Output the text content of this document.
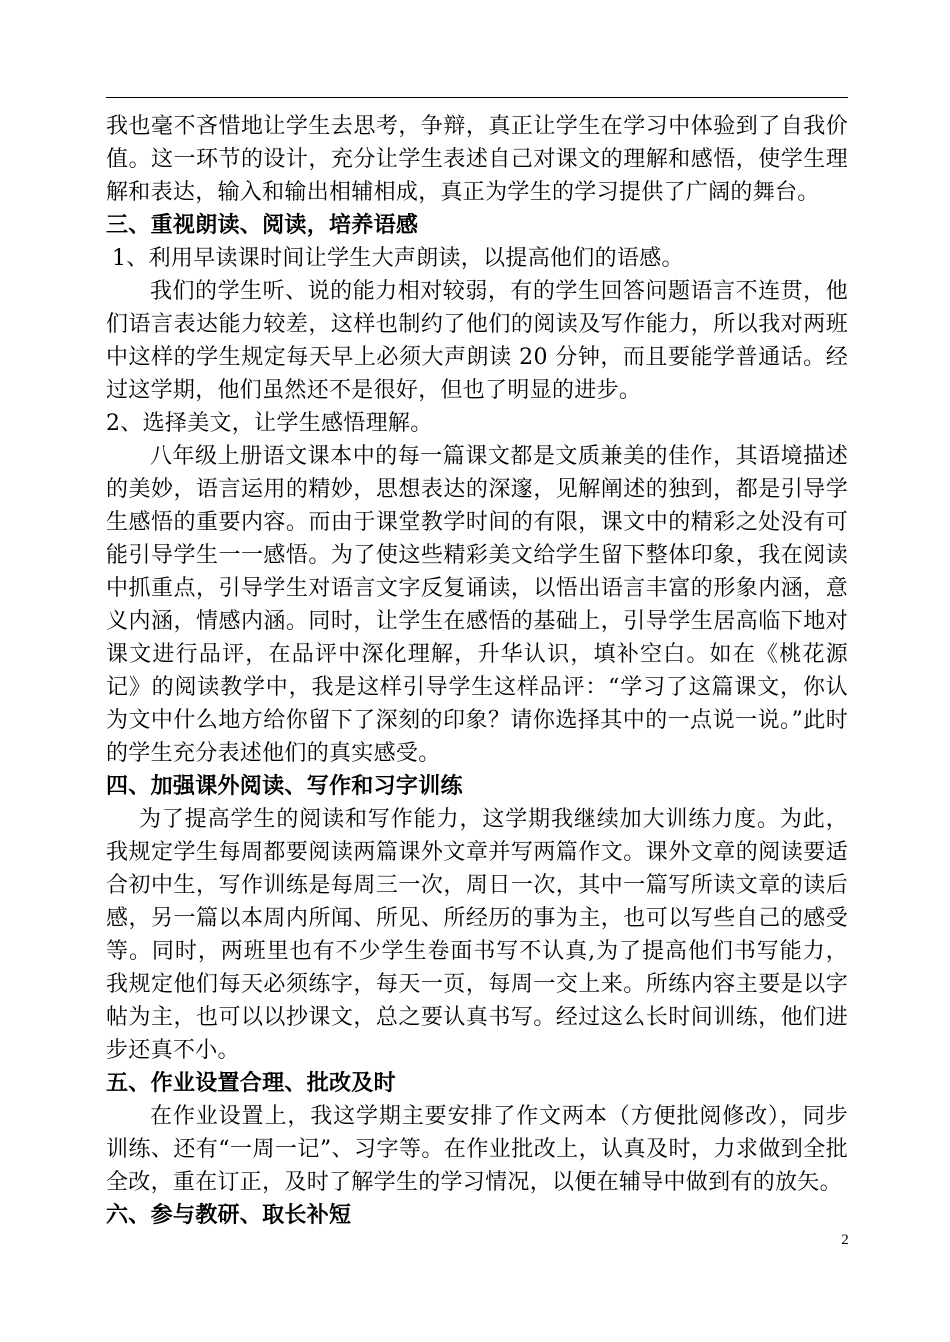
我也毫不吝惜地让学生去思考，争辩，真正让学生在学习中体验到了自我价值。这一环节的设计，充分让学生表述自己对课文的理解和感悟，使学生理解和表达，输入和输出相辅相成，真正为学生的学习提供了广阔的舞台。

三、重视朗读、阅读，培养语感

1、利用早读课时间让学生大声朗读，以提高他们的语感。

我们的学生听、说的能力相对较弱，有的学生回答问题语言不连贯，他们语言表达能力较差，这样也制约了他们的阅读及写作能力，所以我对两班中这样的学生规定每天早上必须大声朗读 20 分钟，而且要能学普通话。经过这学期，他们虽然还不是很好，但也了明显的进步。

2、选择美文，让学生感悟理解。

八年级上册语文课本中的每一篇课文都是文质兼美的佳作，其语境描述的美妙，语言运用的精妙，思想表达的深邃，见解阐述的独到，都是引导学生感悟的重要内容。而由于课堂教学时间的有限，课文中的精彩之处没有可能引导学生一一感悟。为了使这些精彩美文给学生留下整体印象，我在阅读中抓重点，引导学生对语言文字反复诵读，以悟出语言丰富的形象内涵，意义内涵，情感内涵。同时，让学生在感悟的基础上，引导学生居高临下地对课文进行品评，在品评中深化理解，升华认识，填补空白。如在《桃花源记》的阅读教学中，我是这样引导学生这样品评：“学习了这篇课文，你认为文中什么地方给你留下了深刻的印象？请你选择其中的一点说一说。”此时的学生充分表述他们的真实感受。

四、加强课外阅读、写作和习字训练

为了提高学生的阅读和写作能力，这学期我继续加大训练力度。为此，我规定学生每周都要阅读两篇课外文章并写两篇作文。课外文章的阅读要适合初中生，写作训练是每周三一次，周日一次，其中一篇写所读文章的读后感，另一篇以本周内所闻、所见、所经历的事为主，也可以写些自己的感受等。同时，两班里也有不少学生卷面书写不认真,为了提高他们书写能力，我规定他们每天必须练字，每天一页，每周一交上来。所练内容主要是以字帖为主，也可以以抄课文，总之要认真书写。经过这么长时间训练，他们进步还真不小。

五、作业设置合理、批改及时

在作业设置上，我这学期主要安排了作文两本（方便批阅修改），同步训练、还有“一周一记”、习字等。在作业批改上，认真及时，力求做到全批全改，重在订正，及时了解学生的学习情况，以便在辅导中做到有的放矢。

六、参与教研、取长补短
2
